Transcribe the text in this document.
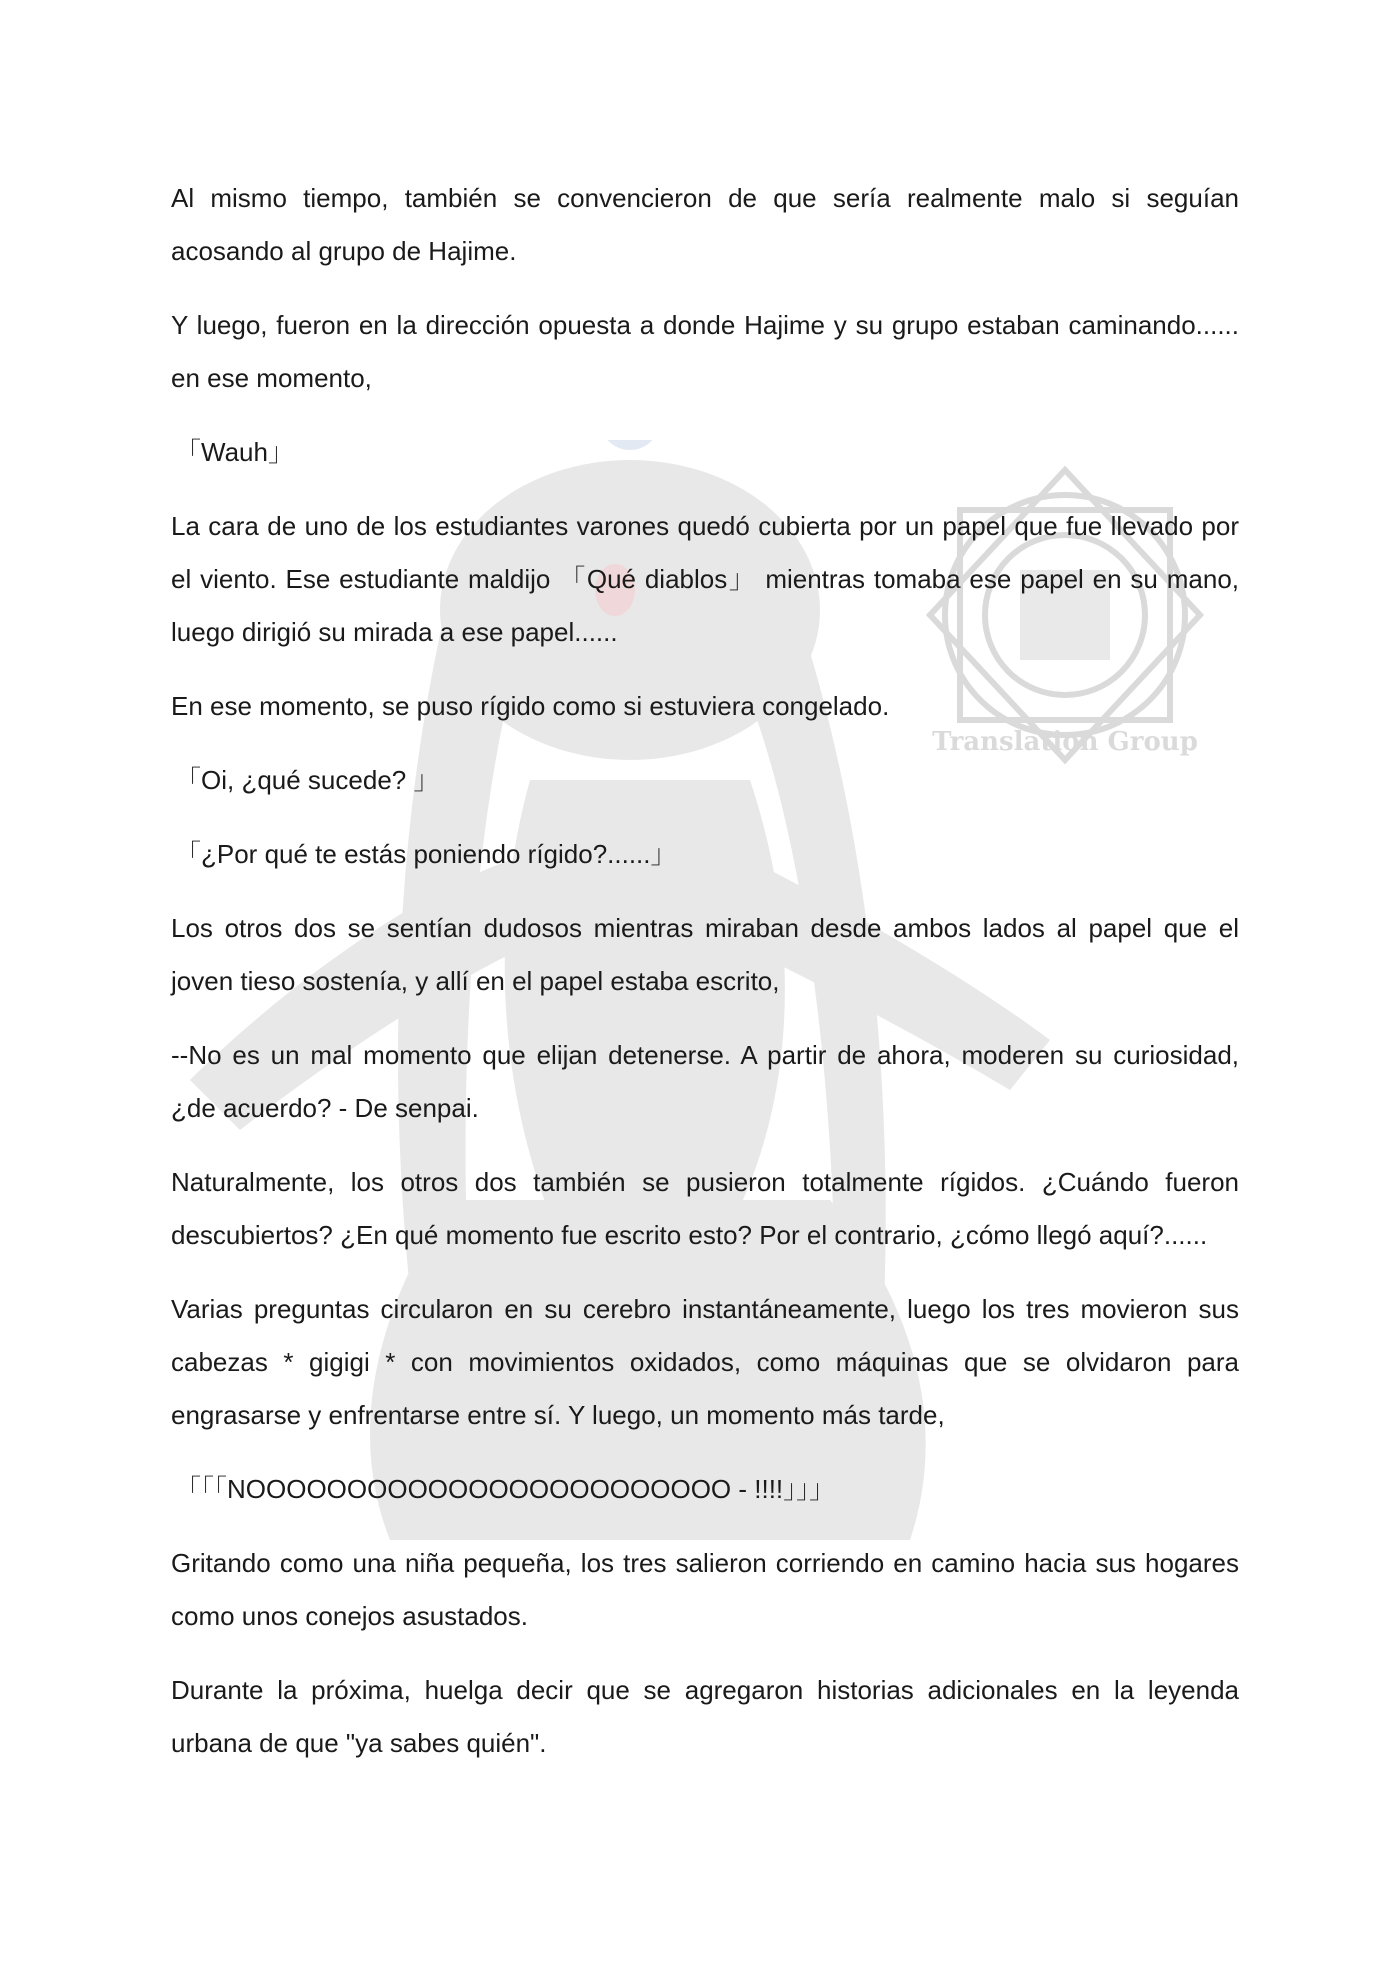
Translation Group

Al mismo tiempo, también se convencieron de que sería realmente malo si seguían acosando al grupo de Hajime.

Y luego, fueron en la dirección opuesta a donde Hajime y su grupo estaban caminando...... en ese momento,

「Wauh」

La cara de uno de los estudiantes varones quedó cubierta por un papel que fue llevado por el viento. Ese estudiante maldijo 「Qué diablos」 mientras tomaba ese papel en su mano, luego dirigió su mirada a ese papel......

En ese momento, se puso rígido como si estuviera congelado.

「Oi, ¿qué sucede? 」

「¿Por qué te estás poniendo rígido?......」

Los otros dos se sentían dudosos mientras miraban desde ambos lados al papel que el joven tieso sostenía, y allí en el papel estaba escrito,

--No es un mal momento que elijan detenerse. A partir de ahora, moderen su curiosidad, ¿de acuerdo? - De senpai.

Naturalmente, los otros dos también se pusieron totalmente rígidos. ¿Cuándo fueron descubiertos? ¿En qué momento fue escrito esto? Por el contrario, ¿cómo llegó aquí?......

Varias preguntas circularon en su cerebro instantáneamente, luego los tres movieron sus cabezas * gigigi * con movimientos oxidados, como máquinas que se olvidaron para engrasarse y enfrentarse entre sí. Y luego, un momento más tarde,

「「「NOOOOOOOOOOOOOOOOOOOOOOOO - !!!!」」」

Gritando como una niña pequeña, los tres salieron corriendo en camino hacia sus hogares como unos conejos asustados.

Durante la próxima, huelga decir que se agregaron historias adicionales en la leyenda urbana de que "ya sabes quién".
